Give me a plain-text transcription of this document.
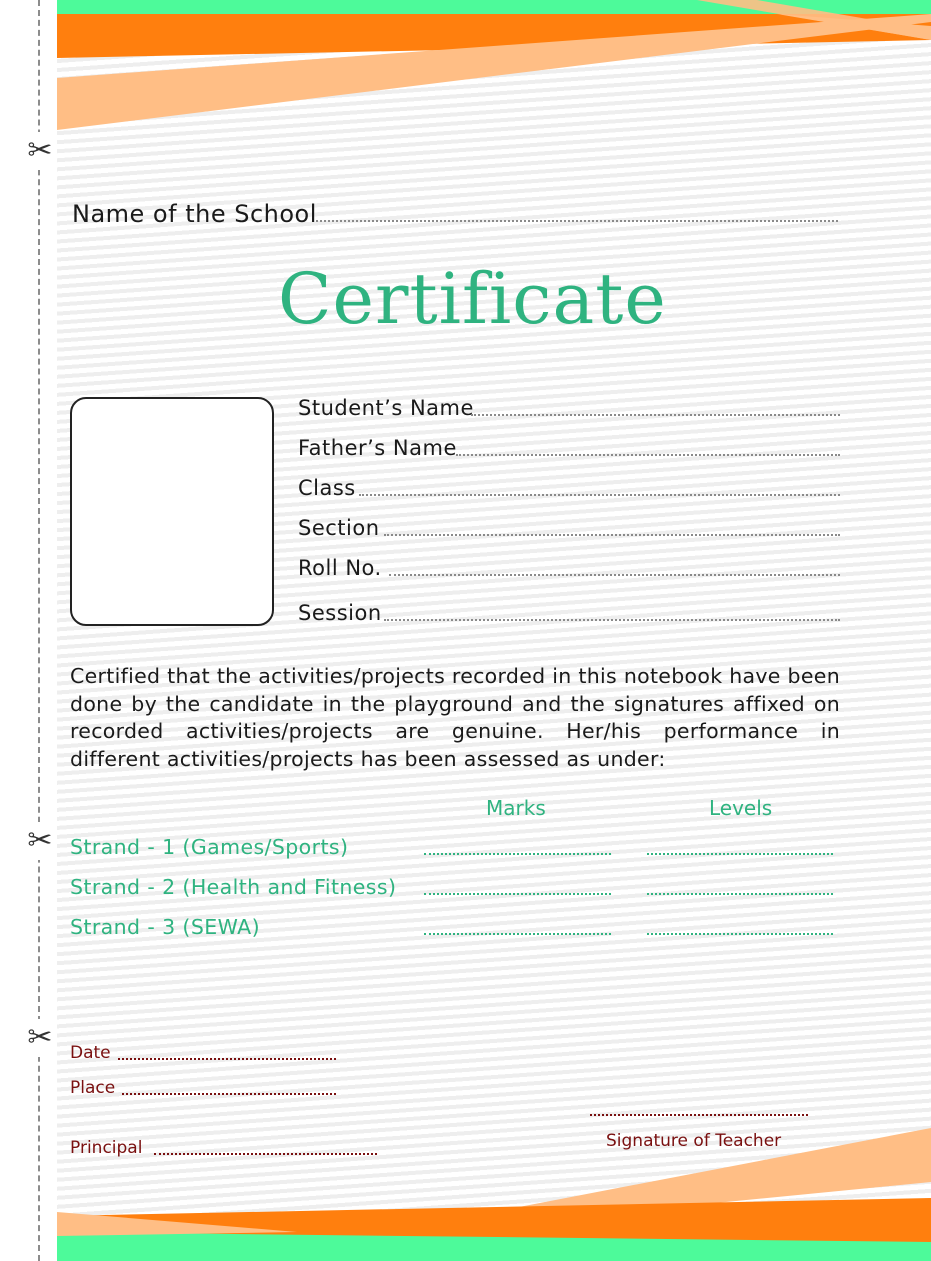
✂
✂
✂
Name of the School
Certificate
Student’s Name
Father’s Name
Class
Section
Roll No.
Session
Certified that the activities/projects recorded in this notebook have been done by the candidate in the playground and the signatures affixed on recorded activities/projects are genuine. Her/his performance in different activities/projects has been assessed as under:
Marks	Levels
Strand - 1 (Games/Sports)
Strand - 2 (Health and Fitness)
Strand - 3 (SEWA)
Date
Place
Principal	Signature of Teacher
